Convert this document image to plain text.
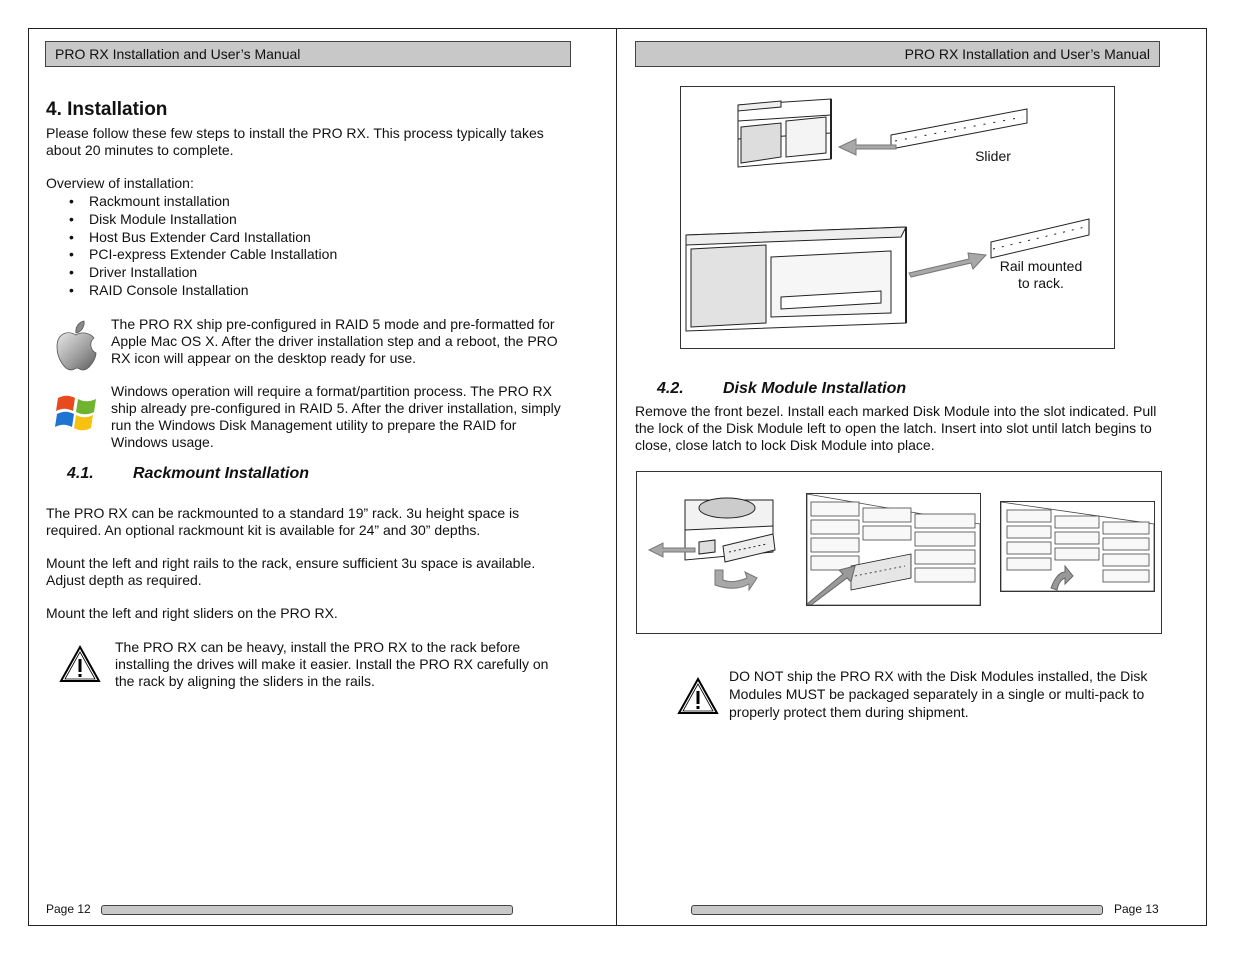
PRO RX Installation and User’s Manual
4. Installation
Please follow these few steps to install the PRO RX. This process typically takes about 20 minutes to complete.
Overview of installation:
• Rackmount installation
• Disk Module Installation
• Host Bus Extender Card Installation
• PCI-express Extender Cable Installation
• Driver Installation
• RAID Console Installation
The PRO RX ship pre-configured in RAID 5 mode and pre-formatted for Apple Mac OS X. After the driver installation step and a reboot, the PRO RX icon will appear on the desktop ready for use.
Windows operation will require a format/partition process. The PRO RX ship already pre-configured in RAID 5. After the driver installation, simply run the Windows Disk Management utility to prepare the RAID for Windows usage.
4.1. Rackmount Installation
The PRO RX can be rackmounted to a standard 19” rack. 3u height space is required. An optional rackmount kit is available for 24” and 30” depths.
Mount the left and right rails to the rack, ensure sufficient 3u space is available. Adjust depth as required.
Mount the left and right sliders on the PRO RX.
The PRO RX can be heavy, install the PRO RX to the rack before installing the drives will make it easier. Install the PRO RX carefully on the rack by aligning the sliders in the rails.
Page 12
PRO RX Installation and User’s Manual
Slider
Rail mounted
to rack.
4.2. Disk Module Installation
Remove the front bezel. Install each marked Disk Module into the slot indicated. Pull the lock of the Disk Module left to open the latch. Insert into slot until latch begins to close, close latch to lock Disk Module into place.
DO NOT ship the PRO RX with the Disk Modules installed, the Disk Modules MUST be packaged separately in a single or multi-pack to properly protect them during shipment.
Page 13
